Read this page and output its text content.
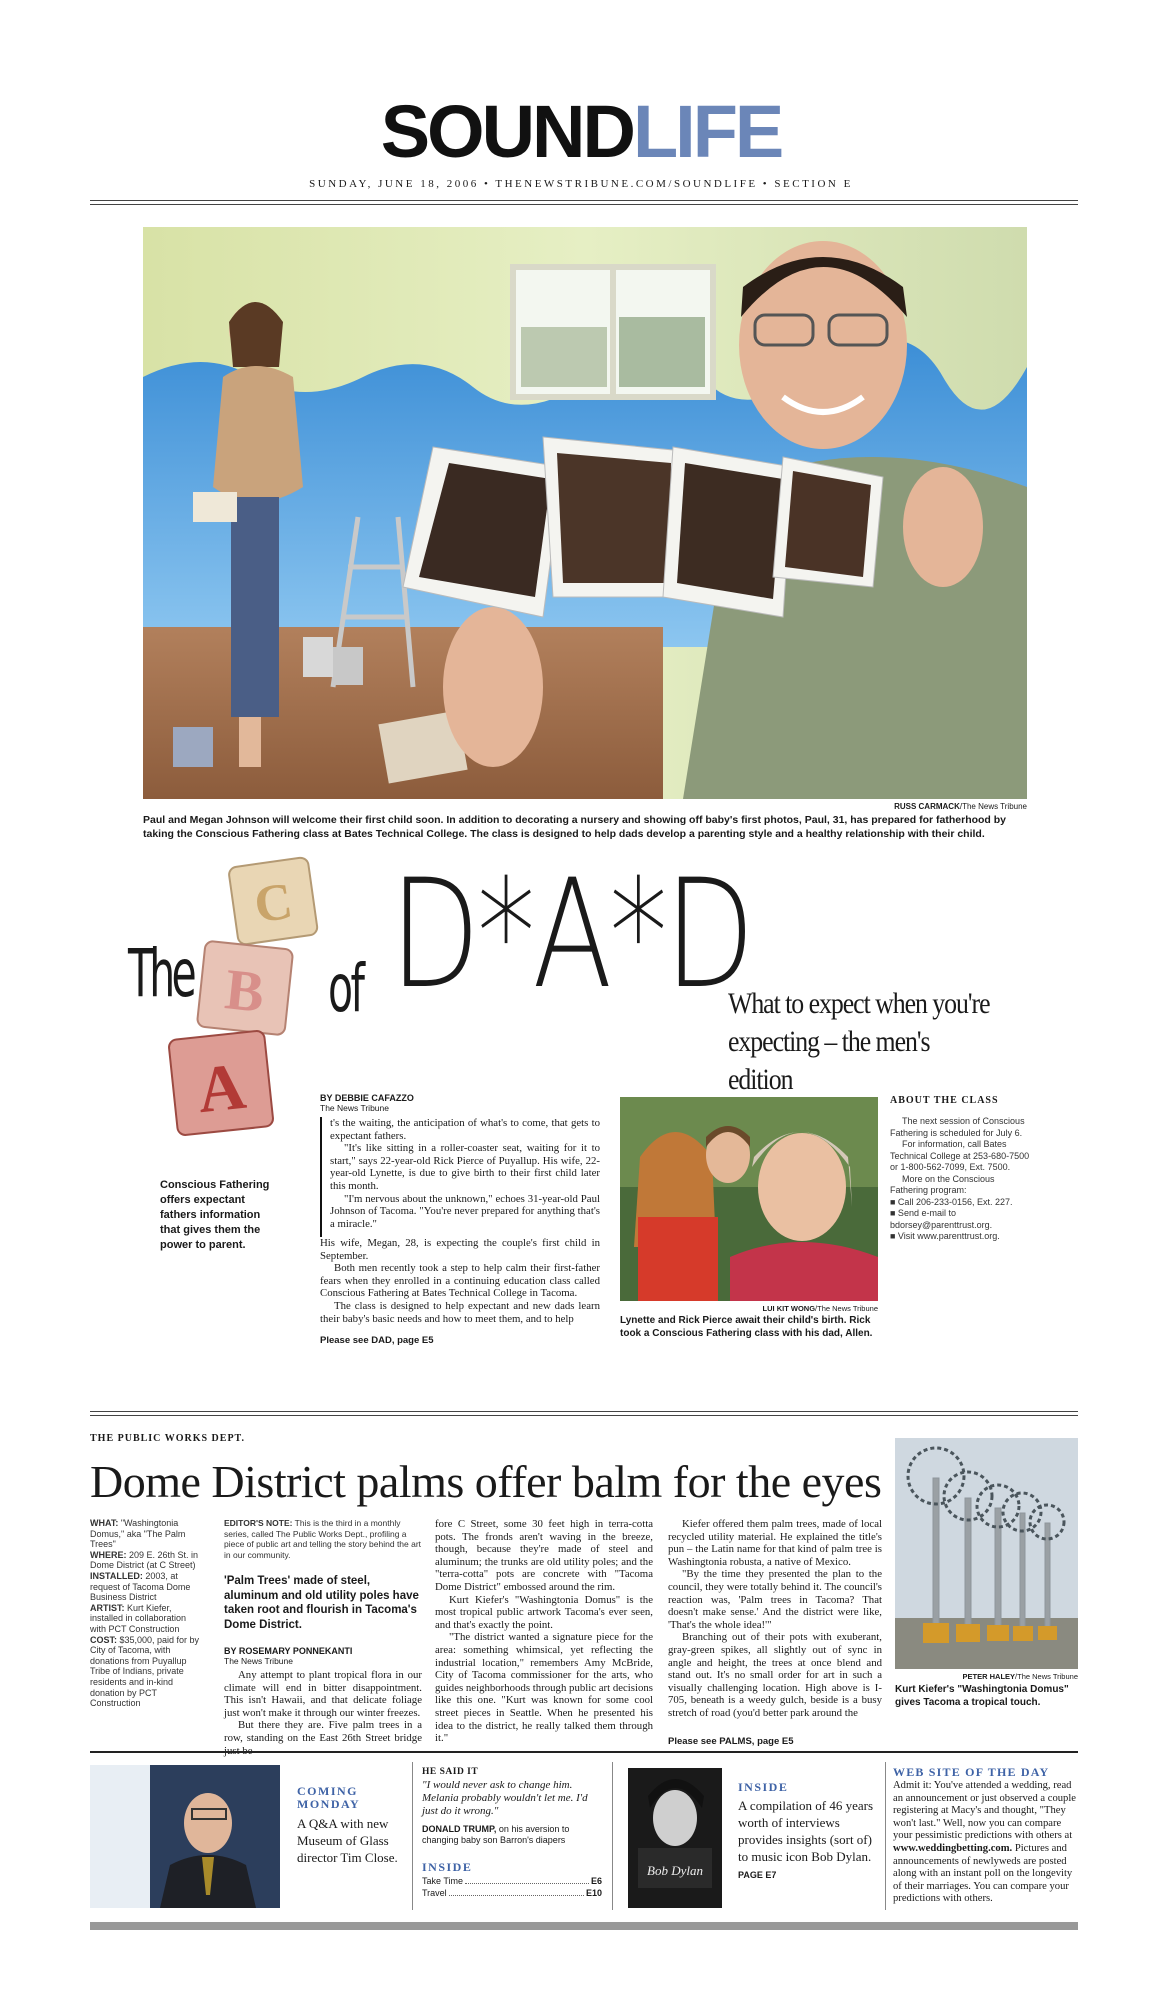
SOUNDLIFE
SUNDAY, JUNE 18, 2006 • THENEWSTRIBUNE.COM/SOUNDLIFE • SECTION E
RUSS CARMACK/The News Tribune
Paul and Megan Johnson will welcome their first child soon. In addition to decorating a nursery and showing off baby's first photos, Paul, 31, has prepared for fatherhood by taking the Conscious Fathering class at Bates Technical College. The class is designed to help dads develop a parenting style and a healthy relationship with their child.
The of D*A*D
C
B
A
What to expect when you're
expecting – the men's edition
Conscious Fathering offers expectant fathers information that gives them the power to parent.
BY DEBBIE CAFAZZO
The News Tribune

t's the waiting, the anticipation of what's to come, that gets to expectant fathers.

"It's like sitting in a roller-coaster seat, waiting for it to start," says 22-year-old Rick Pierce of Puyallup. His wife, 22-year-old Lynette, is due to give birth to their first child later this month.

"I'm nervous about the unknown," echoes 31-year-old Paul Johnson of Tacoma. "You're never prepared for anything that's a miracle."

His wife, Megan, 28, is expecting the couple's first child in September.

Both men recently took a step to help calm their first-father fears when they enrolled in a continuing education class called Conscious Fathering at Bates Technical College in Tacoma.

The class is designed to help expectant and new dads learn their baby's basic needs and how to meet them, and to help

Please see DAD, page E5
LUI KIT WONG/The News Tribune
Lynette and Rick Pierce await their child's birth. Rick took a Conscious Fathering class with his dad, Allen.
ABOUT THE CLASS
The next session of Conscious Fathering is scheduled for July 6.
For information, call Bates Technical College at 253-680-7500 or 1-800-562-7099, Ext. 7500.
More on the Conscious Fathering program:
■ Call 206-233-0156, Ext. 227.
■ Send e-mail to bdorsey@parenttrust.org.
■ Visit www.parenttrust.org.
THE PUBLIC WORKS DEPT.
Dome District palms offer balm for the eyes
WHAT: "Washingtonia Domus," aka "The Palm Trees"
WHERE: 209 E. 26th St. in Dome District (at C Street)
INSTALLED: 2003, at request of Tacoma Dome Business District
ARTIST: Kurt Kiefer, installed in collaboration with PCT Construction
COST: $35,000, paid for by City of Tacoma, with donations from Puyallup Tribe of Indians, private residents and in-kind donation by PCT Construction
EDITOR'S NOTE: This is the third in a monthly series, called The Public Works Dept., profiling a piece of public art and telling the story behind the art in our community.
'Palm Trees' made of steel, aluminum and old utility poles have taken root and flourish in Tacoma's Dome District.
BY ROSEMARY PONNEKANTI
The News Tribune

Any attempt to plant tropical flora in our climate will end in bitter disappointment. This isn't Hawaii, and that delicate foliage just won't make it through our winter freezes.

But there they are. Five palm trees in a row, standing on the East 26th Street bridge

fore C Street, some 30 feet high in terra-cotta pots. The fronds aren't waving in the breeze, though, because they're made of steel and aluminum; the trunks are old utility poles; and the "terra-cotta" pots are concrete with "Tacoma Dome District" embossed around the rim.

Kurt Kiefer's "Washingtonia Domus" is the most tropical public artwork Tacoma's ever seen, and that's exactly the point.

"The district wanted a signature piece for the area: something whimsical, yet reflecting the industrial location," remembers Amy McBride, City of Tacoma commissioner for the arts, who guides neighborhoods through public art decisions like this one. "Kurt was known for some cool street pieces in Seattle. When he presented his idea to the district, he really talked them through it."

Kiefer offered them palm trees, made of local recycled utility material. He explained the title's pun – the Latin name for that kind of palm tree is Washingtonia robusta, a native of Mexico.

"By the time they presented the plan to the council, they were totally behind it. The council's reaction was, 'Palm trees in Tacoma? That doesn't make sense.' And the district were like, 'That's the whole idea!'"

Branching out of their pots with exuberant, gray-green spikes, all slightly out of sync in angle and height, the trees at once blend and stand out. It's no small order for art in such a visually challenging location. High above is I-705, beneath is a weedy gulch, beside is a busy stretch of road (you'd better park around the

Please see PALMS, page E5
PETER HALEY/The News Tribune
Kurt Kiefer's "Washingtonia Domus" gives Tacoma a tropical touch.
COMING
MONDAY
A Q&A with new Museum of Glass director Tim Close.
HE SAID IT
"I would never ask to change him. Melania probably wouldn't let me. I'd just do it wrong."
DONALD TRUMP, on his aversion to changing baby son Barron's diapers
INSIDE
Take Time	E6
Travel	E10
Bob Dylan
INSIDE
A compilation of 46 years worth of interviews provides insights (sort of) to music icon Bob Dylan. PAGE E7
WEB SITE OF THE DAY
Admit it: You've attended a wedding, read an announcement or just observed a couple registering at Macy's and thought, "They won't last." Well, now you can compare your pessimistic predictions with others at www.weddingbetting.com. Pictures and announcements of newlyweds are posted along with an instant poll on the longevity of their marriages. You can compare your predictions with others.
